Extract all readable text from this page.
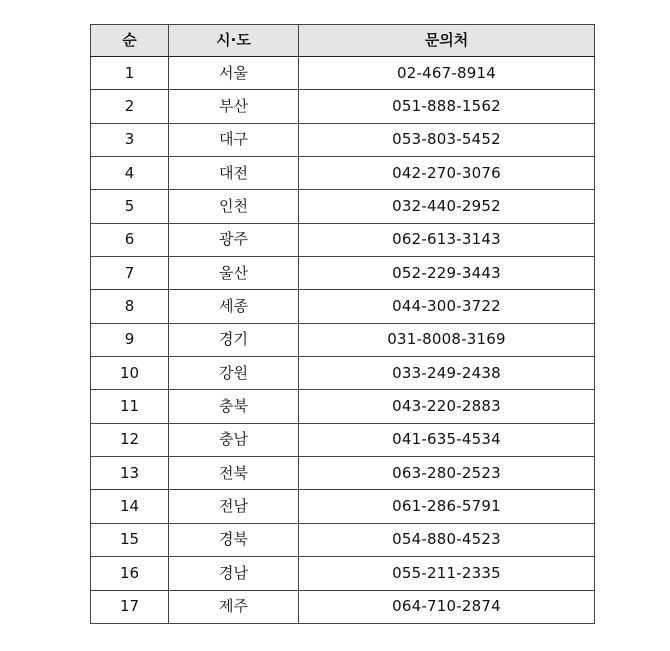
순	시·도	문의처
1	서울	02-467-8914
2	부산	051-888-1562
3	대구	053-803-5452
4	대전	042-270-3076
5	인천	032-440-2952
6	광주	062-613-3143
7	울산	052-229-3443
8	세종	044-300-3722
9	경기	031-8008-3169
10	강원	033-249-2438
11	충북	043-220-2883
12	충남	041-635-4534
13	전북	063-280-2523
14	전남	061-286-5791
15	경북	054-880-4523
16	경남	055-211-2335
17	제주	064-710-2874
